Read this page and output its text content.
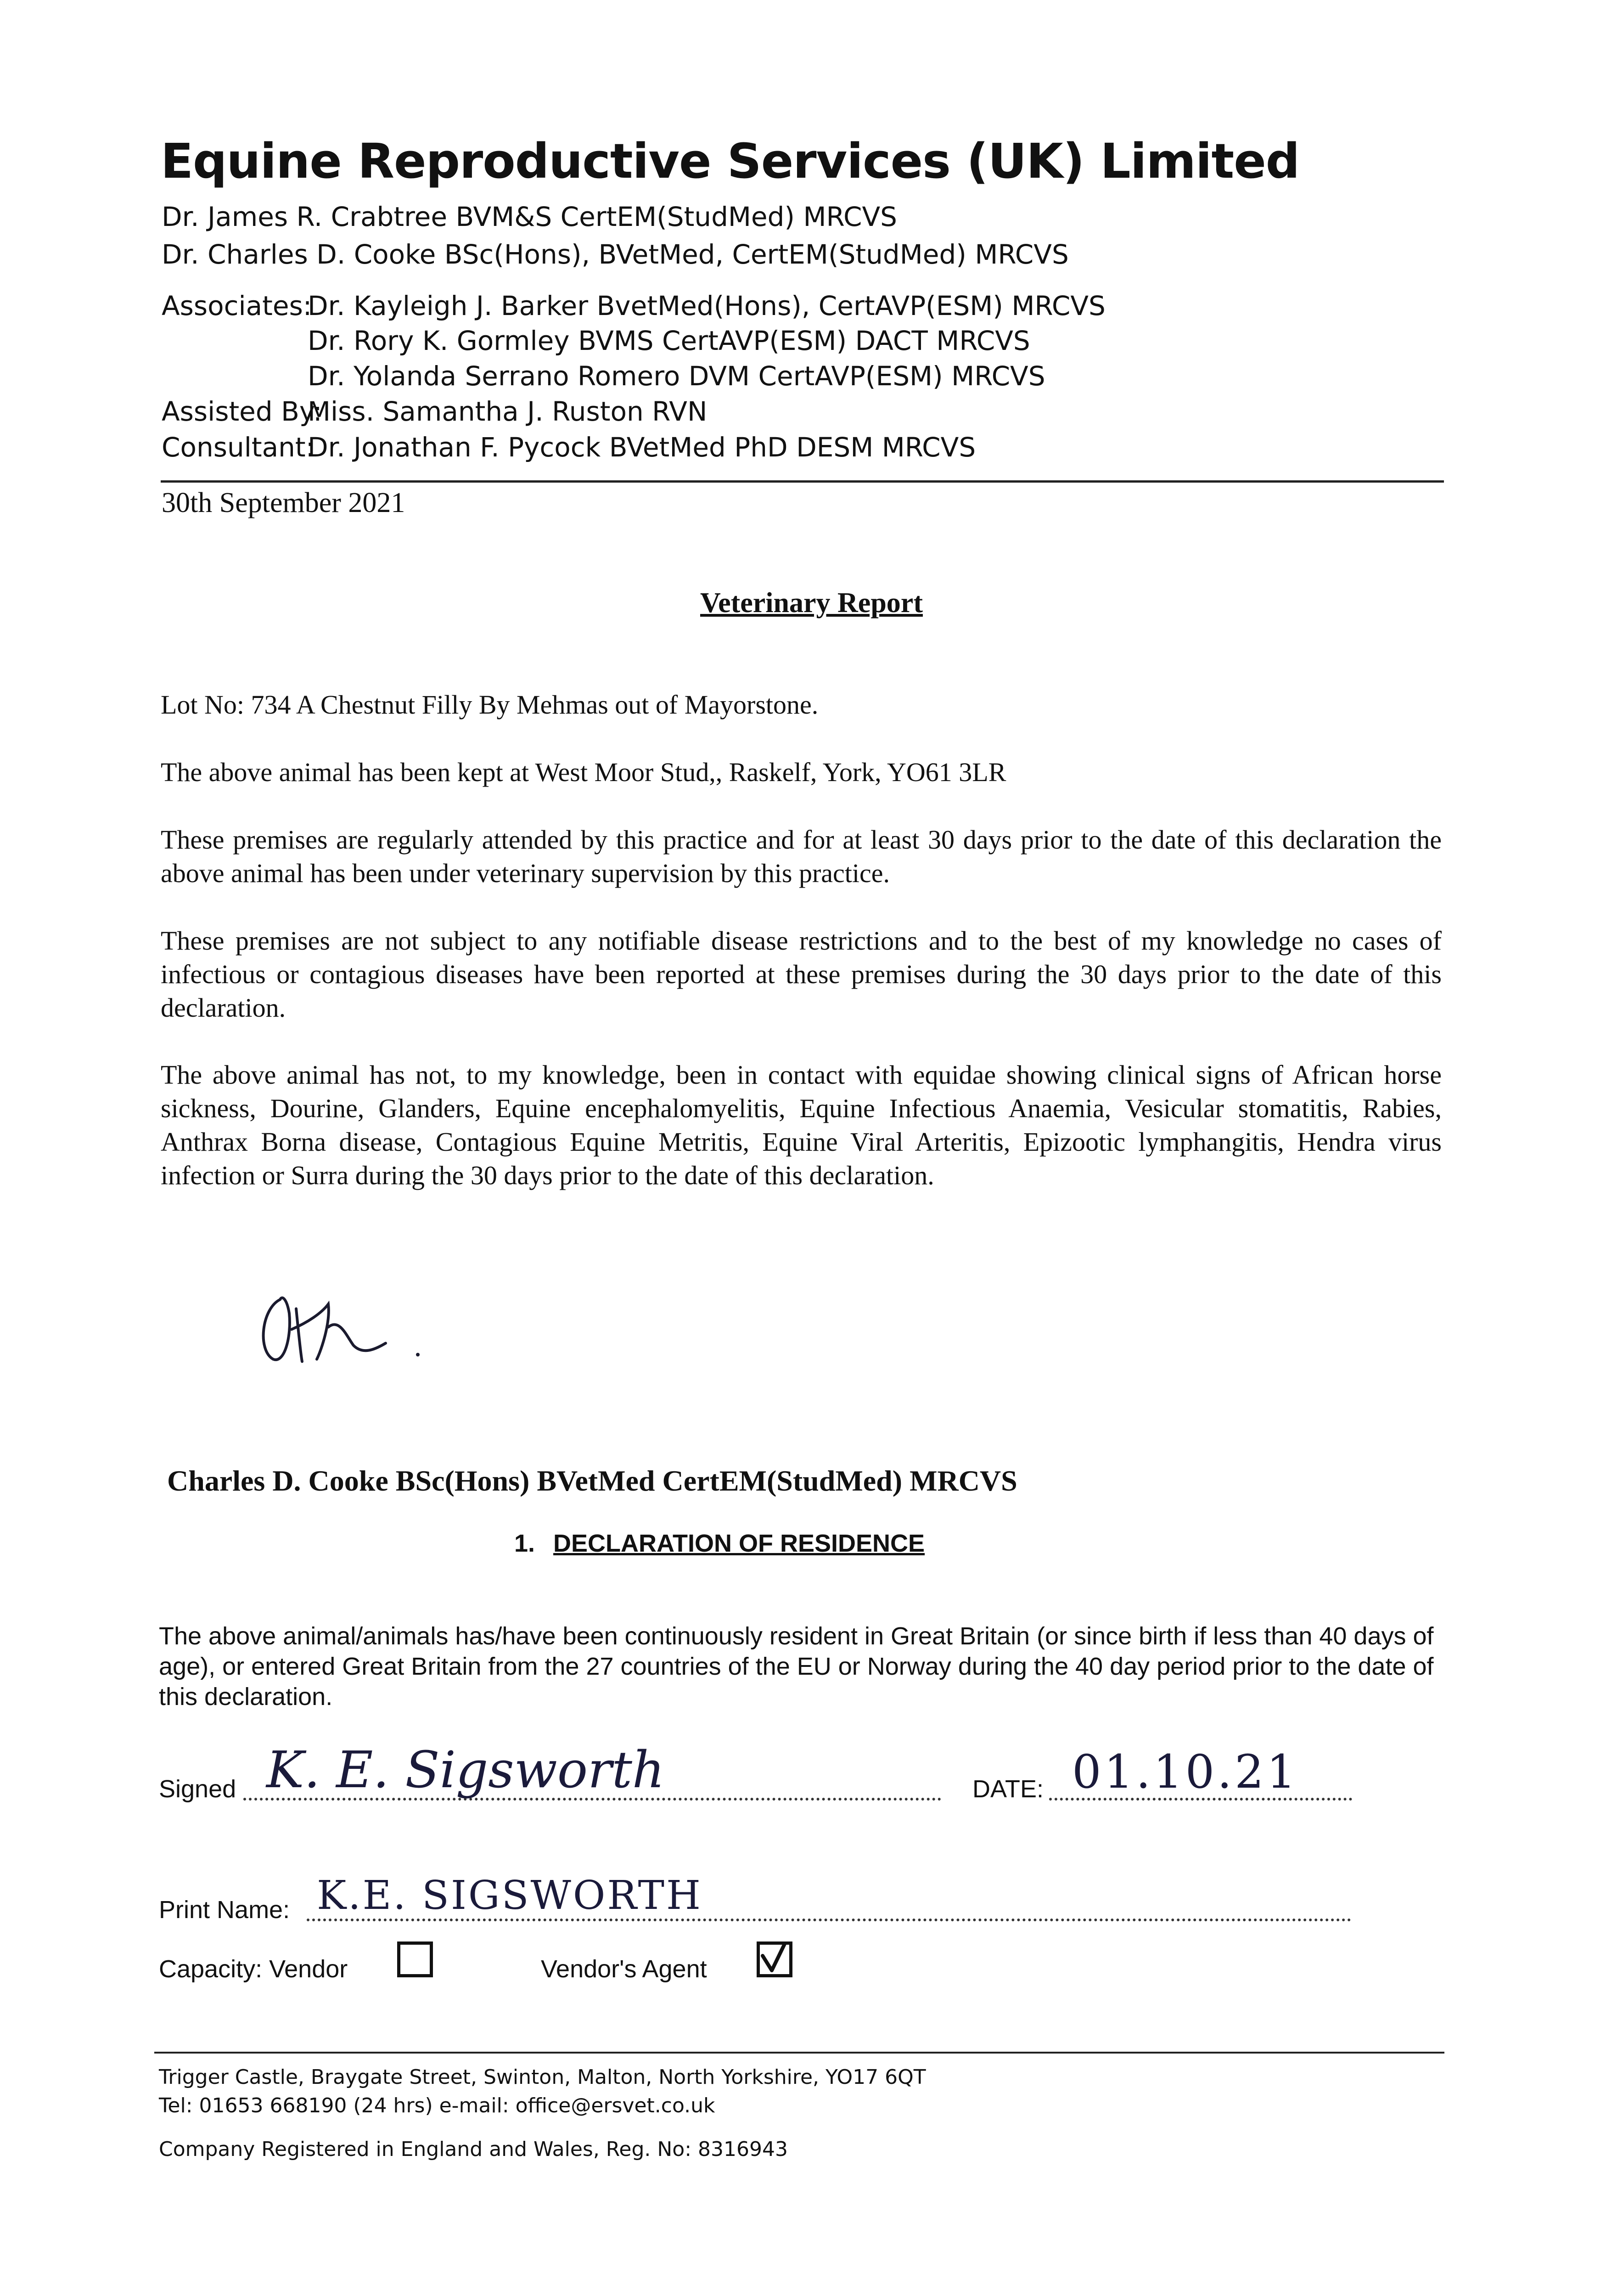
Equine Reproductive Services (UK) Limited
Dr. James R. Crabtree BVM&S CertEM(StudMed) MRCVS
Dr. Charles D. Cooke BSc(Hons), BVetMed, CertEM(StudMed) MRCVS
Associates:
Dr. Kayleigh J. Barker BvetMed(Hons), CertAVP(ESM) MRCVS
Dr. Rory K. Gormley BVMS CertAVP(ESM) DACT MRCVS
Dr. Yolanda Serrano Romero DVM CertAVP(ESM) MRCVS
Assisted By:
Miss. Samantha J. Ruston RVN
Consultant:
Dr. Jonathan F. Pycock BVetMed PhD DESM MRCVS
30th September 2021
Veterinary Report
Lot No: 734 A Chestnut Filly By Mehmas out of Mayorstone.
The above animal has been kept at West Moor Stud,, Raskelf, York, YO61 3LR
These premises are regularly attended by this practice and for at least 30 days prior to the date of this declaration the above animal has been under veterinary supervision by this practice.
These premises are not subject to any notifiable disease restrictions and to the best of my knowledge no cases of infectious or contagious diseases have been reported at these premises during the 30 days prior to the date of this declaration.
The above animal has not, to my knowledge, been in contact with equidae showing clinical signs of African horse sickness, Dourine, Glanders, Equine encephalomyelitis, Equine Infectious Anaemia, Vesicular stomatitis, Rabies, Anthrax Borna disease, Contagious Equine Metritis, Equine Viral Arteritis, Epizootic lymphangitis, Hendra virus infection or Surra during the 30 days prior to the date of this declaration.
Charles D. Cooke BSc(Hons) BVetMed CertEM(StudMed) MRCVS
1. DECLARATION OF RESIDENCE
The above animal/animals has/have been continuously resident in Great Britain (or since birth if less than 40 days of age), or entered Great Britain from the 27 countries of the EU or Norway during the 40 day period prior to the date of this declaration.
Signed K. E. Sigsworth	DATE: 01.10.21
Print Name: K.E. SIGSWORTH
Capacity: Vendor	Vendor's Agent
Trigger Castle, Braygate Street, Swinton, Malton, North Yorkshire, YO17 6QT
Tel: 01653 668190 (24 hrs) e-mail: office@ersvet.co.uk
Company Registered in England and Wales, Reg. No: 8316943
